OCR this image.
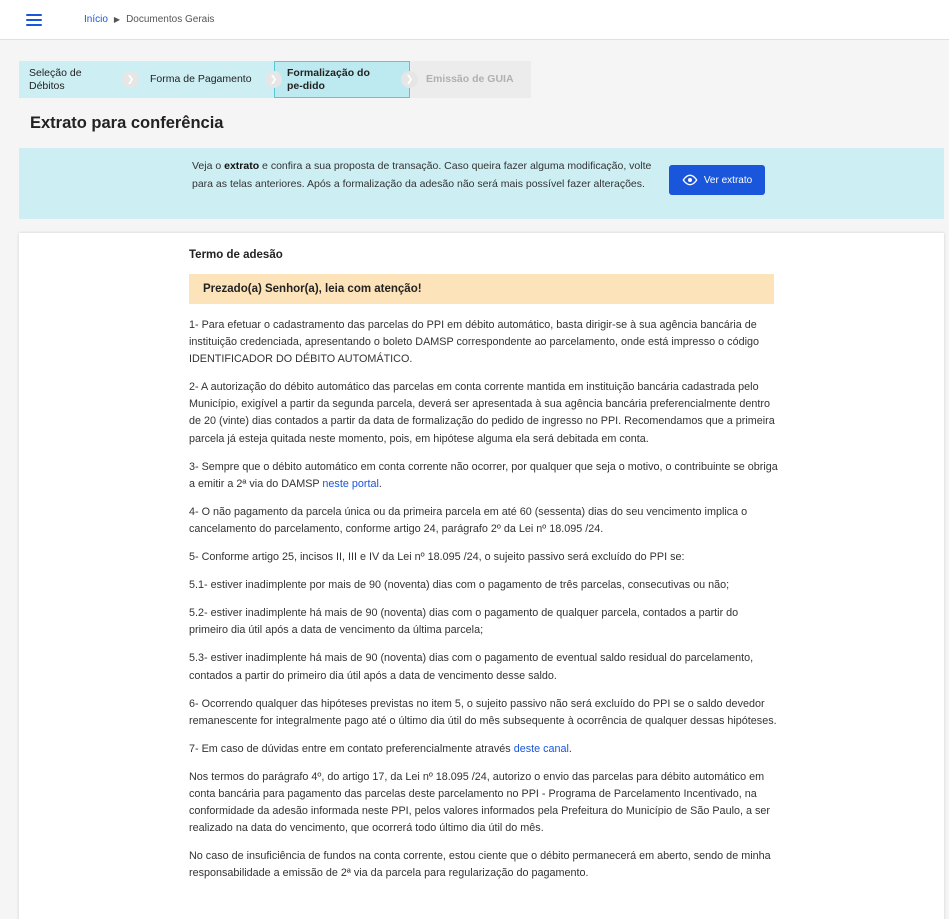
Início ▶ Documentos Gerais
Seleção de Débitos
❯	Forma de Pagamento	❯
Formalização do pe-dido
❯	Emissão de GUIA
Extrato para conferência
Veja o extrato e confira a sua proposta de transação. Caso queira fazer alguma modificação, volte para as telas anteriores. Após a formalização da adesão não será mais possível fazer alterações.	Ver extrato
Termo de adesão
Prezado(a) Senhor(a), leia com atenção!

1- Para efetuar o cadastramento das parcelas do PPI em débito automático, basta dirigir-se à sua agência bancária de instituição credenciada, apresentando o boleto DAMSP correspondente ao parcelamento, onde está impresso o código IDENTIFICADOR DO DÉBITO AUTOMÁTICO.

2- A autorização do débito automático das parcelas em conta corrente mantida em instituição bancária cadastrada pelo Município, exigível a partir da segunda parcela, deverá ser apresentada à sua agência bancária preferencialmente dentro de 20 (vinte) dias contados a partir da data de formalização do pedido de ingresso no PPI. Recomendamos que a primeira parcela já esteja quitada neste momento, pois, em hipótese alguma ela será debitada em conta.

3- Sempre que o débito automático em conta corrente não ocorrer, por qualquer que seja o motivo, o contribuinte se obriga a emitir a 2ª via do DAMSP neste portal.

4- O não pagamento da parcela única ou da primeira parcela em até 60 (sessenta) dias do seu vencimento implica o cancelamento do parcelamento, conforme artigo 24, parágrafo 2º da Lei nº 18.095 /24.

5- Conforme artigo 25, incisos II, III e IV da Lei nº 18.095 /24, o sujeito passivo será excluído do PPI se:

5.1- estiver inadimplente por mais de 90 (noventa) dias com o pagamento de três parcelas, consecutivas ou não;

5.2- estiver inadimplente há mais de 90 (noventa) dias com o pagamento de qualquer parcela, contados a partir do primeiro dia útil após a data de vencimento da última parcela;

5.3- estiver inadimplente há mais de 90 (noventa) dias com o pagamento de eventual saldo residual do parcelamento, contados a partir do primeiro dia útil após a data de vencimento desse saldo.

6- Ocorrendo qualquer das hipóteses previstas no item 5, o sujeito passivo não será excluído do PPI se o saldo devedor remanescente for integralmente pago até o último dia útil do mês subsequente à ocorrência de qualquer dessas hipóteses.

7- Em caso de dúvidas entre em contato preferencialmente através deste canal.

Nos termos do parágrafo 4º, do artigo 17, da Lei nº 18.095 /24, autorizo o envio das parcelas para débito automático em conta bancária para pagamento das parcelas deste parcelamento no PPI - Programa de Parcelamento Incentivado, na conformidade da adesão informada neste PPI, pelos valores informados pela Prefeitura do Município de São Paulo, a ser realizado na data do vencimento, que ocorrerá todo último dia útil do mês.

No caso de insuficiência de fundos na conta corrente, estou ciente que o débito permanecerá em aberto, sendo de minha responsabilidade a emissão de 2ª via da parcela para regularização do pagamento.
